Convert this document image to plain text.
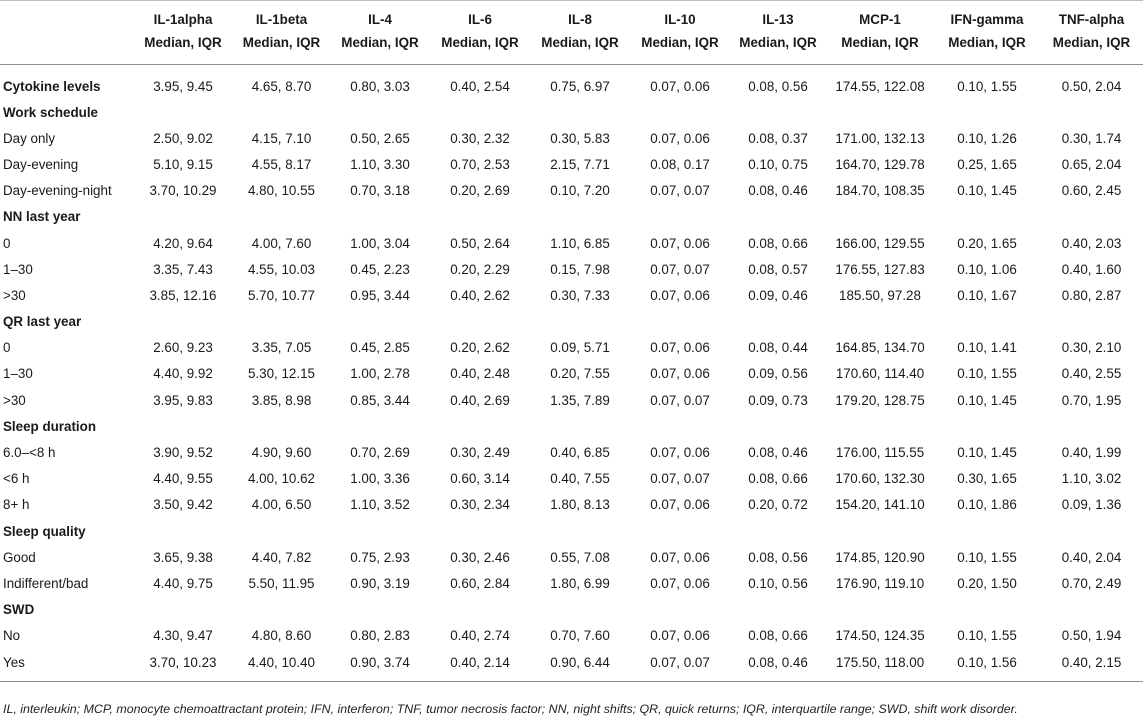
	IL-1alpha	IL-1beta	IL-4	IL-6	IL-8	IL-10	IL-13	MCP-1	IFN-gamma	TNF-alpha
	Median, IQR	Median, IQR	Median, IQR	Median, IQR	Median, IQR	Median, IQR	Median, IQR	Median, IQR	Median, IQR	Median, IQR
Cytokine levels	3.95, 9.45	4.65, 8.70	0.80, 3.03	0.40, 2.54	0.75, 6.97	0.07, 0.06	0.08, 0.56	174.55, 122.08	0.10, 1.55	0.50, 2.04
Work schedule										
Day only	2.50, 9.02	4.15, 7.10	0.50, 2.65	0.30, 2.32	0.30, 5.83	0.07, 0.06	0.08, 0.37	171.00, 132.13	0.10, 1.26	0.30, 1.74
Day-evening	5.10, 9.15	4.55, 8.17	1.10, 3.30	0.70, 2.53	2.15, 7.71	0.08, 0.17	0.10, 0.75	164.70, 129.78	0.25, 1.65	0.65, 2.04
Day-evening-night	3.70, 10.29	4.80, 10.55	0.70, 3.18	0.20, 2.69	0.10, 7.20	0.07, 0.07	0.08, 0.46	184.70, 108.35	0.10, 1.45	0.60, 2.45
NN last year										
0	4.20, 9.64	4.00, 7.60	1.00, 3.04	0.50, 2.64	1.10, 6.85	0.07, 0.06	0.08, 0.66	166.00, 129.55	0.20, 1.65	0.40, 2.03
1–30	3.35, 7.43	4.55, 10.03	0.45, 2.23	0.20, 2.29	0.15, 7.98	0.07, 0.07	0.08, 0.57	176.55, 127.83	0.10, 1.06	0.40, 1.60
>30	3.85, 12.16	5.70, 10.77	0.95, 3.44	0.40, 2.62	0.30, 7.33	0.07, 0.06	0.09, 0.46	185.50, 97.28	0.10, 1.67	0.80, 2.87
QR last year										
0	2.60, 9.23	3.35, 7.05	0.45, 2.85	0.20, 2.62	0.09, 5.71	0.07, 0.06	0.08, 0.44	164.85, 134.70	0.10, 1.41	0.30, 2.10
1–30	4.40, 9.92	5.30, 12.15	1.00, 2.78	0.40, 2.48	0.20, 7.55	0.07, 0.06	0.09, 0.56	170.60, 114.40	0.10, 1.55	0.40, 2.55
>30	3.95, 9.83	3.85, 8.98	0.85, 3.44	0.40, 2.69	1.35, 7.89	0.07, 0.07	0.09, 0.73	179.20, 128.75	0.10, 1.45	0.70, 1.95
Sleep duration										
6.0–<8 h	3.90, 9.52	4.90, 9.60	0.70, 2.69	0.30, 2.49	0.40, 6.85	0.07, 0.06	0.08, 0.46	176.00, 115.55	0.10, 1.45	0.40, 1.99
<6 h	4.40, 9.55	4.00, 10.62	1.00, 3.36	0.60, 3.14	0.40, 7.55	0.07, 0.07	0.08, 0.66	170.60, 132.30	0.30, 1.65	1.10, 3.02
8+ h	3.50, 9.42	4.00, 6.50	1.10, 3.52	0.30, 2.34	1.80, 8.13	0.07, 0.06	0.20, 0.72	154.20, 141.10	0.10, 1.86	0.09, 1.36
Sleep quality										
Good	3.65, 9.38	4.40, 7.82	0.75, 2.93	0.30, 2.46	0.55, 7.08	0.07, 0.06	0.08, 0.56	174.85, 120.90	0.10, 1.55	0.40, 2.04
Indifferent/bad	4.40, 9.75	5.50, 11.95	0.90, 3.19	0.60, 2.84	1.80, 6.99	0.07, 0.06	0.10, 0.56	176.90, 119.10	0.20, 1.50	0.70, 2.49
SWD										
No	4.30, 9.47	4.80, 8.60	0.80, 2.83	0.40, 2.74	0.70, 7.60	0.07, 0.06	0.08, 0.66	174.50, 124.35	0.10, 1.55	0.50, 1.94
Yes	3.70, 10.23	4.40, 10.40	0.90, 3.74	0.40, 2.14	0.90, 6.44	0.07, 0.07	0.08, 0.46	175.50, 118.00	0.10, 1.56	0.40, 2.15
IL, interleukin; MCP, monocyte chemoattractant protein; IFN, interferon; TNF, tumor necrosis factor; NN, night shifts; QR, quick returns; IQR, interquartile range; SWD, shift work disorder.
